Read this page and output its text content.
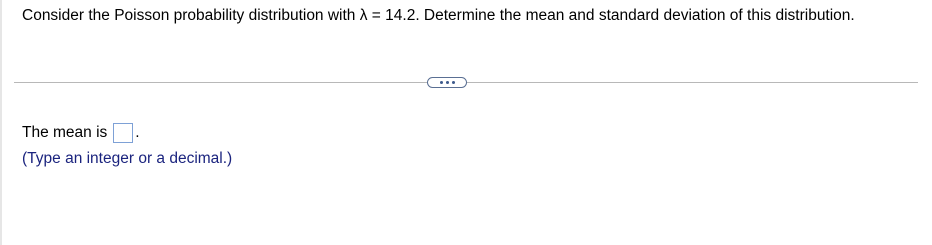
Consider the Poisson probability distribution with λ = 14.2. Determine the mean and standard deviation of this distribution.
The mean is .
(Type an integer or a decimal.)
